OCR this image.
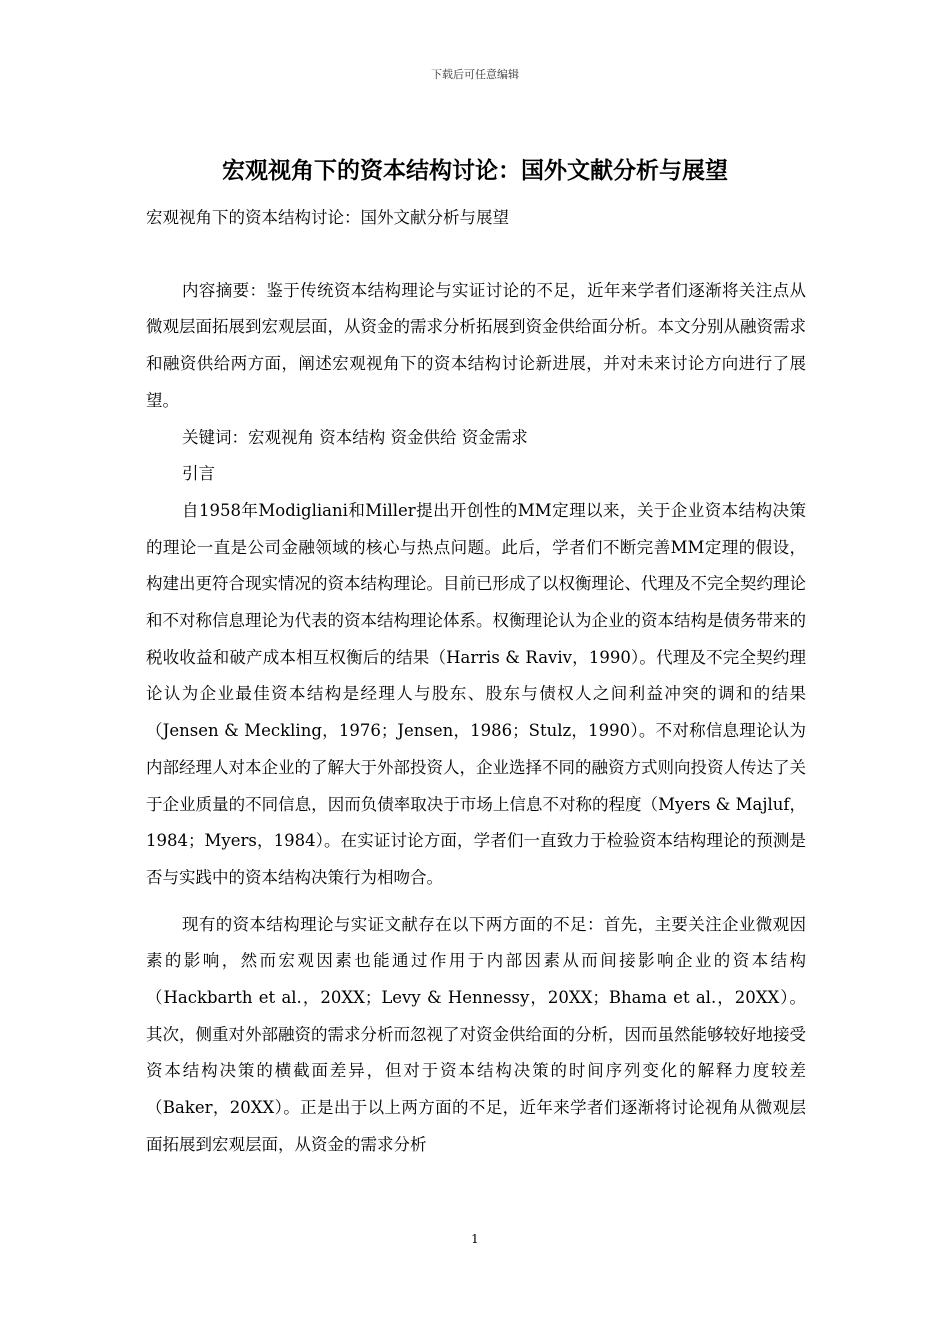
下载后可任意编辑
宏观视角下的资本结构讨论：国外文献分析与展望

宏观视角下的资本结构讨论：国外文献分析与展望

内容摘要：鉴于传统资本结构理论与实证讨论的不足，近年来学者们逐渐将关注点从微观层面拓展到宏观层面，从资金的需求分析拓展到资金供给面分析。本文分别从融资需求和融资供给两方面，阐述宏观视角下的资本结构讨论新进展，并对未来讨论方向进行了展望。

关键词：宏观视角 资本结构 资金供给 资金需求

引言

自1958年Modigliani和Miller提出开创性的MM定理以来，关于企业资本结构决策的理论一直是公司金融领域的核心与热点问题。此后，学者们不断完善MM定理的假设，构建出更符合现实情况的资本结构理论。目前已形成了以权衡理论、代理及不完全契约理论和不对称信息理论为代表的资本结构理论体系。权衡理论认为企业的资本结构是债务带来的税收收益和破产成本相互权衡后的结果（Harris & Raviv，1990）。代理及不完全契约理论认为企业最佳资本结构是经理人与股东、股东与债权人之间利益冲突的调和的结果（Jensen & Meckling，1976；Jensen，1986；Stulz，1990）。不对称信息理论认为内部经理人对本企业的了解大于外部投资人，企业选择不同的融资方式则向投资人传达了关于企业质量的不同信息，因而负债率取决于市场上信息不对称的程度（Myers & Majluf，1984；Myers，1984）。在实证讨论方面，学者们一直致力于检验资本结构理论的预测是否与实践中的资本结构决策行为相吻合。

现有的资本结构理论与实证文献存在以下两方面的不足：首先，主要关注企业微观因素的影响，然而宏观因素也能通过作用于内部因素从而间接影响企业的资本结构（Hackbarth et al.，20XX；Levy & Hennessy，20XX；Bhama et al.，20XX）。其次，侧重对外部融资的需求分析而忽视了对资金供给面的分析，因而虽然能够较好地接受资本结构决策的横截面差异，但对于资本结构决策的时间序列变化的解释力度较差（Baker，20XX）。正是出于以上两方面的不足，近年来学者们逐渐将讨论视角从微观层面拓展到宏观层面，从资金的需求分析

1
